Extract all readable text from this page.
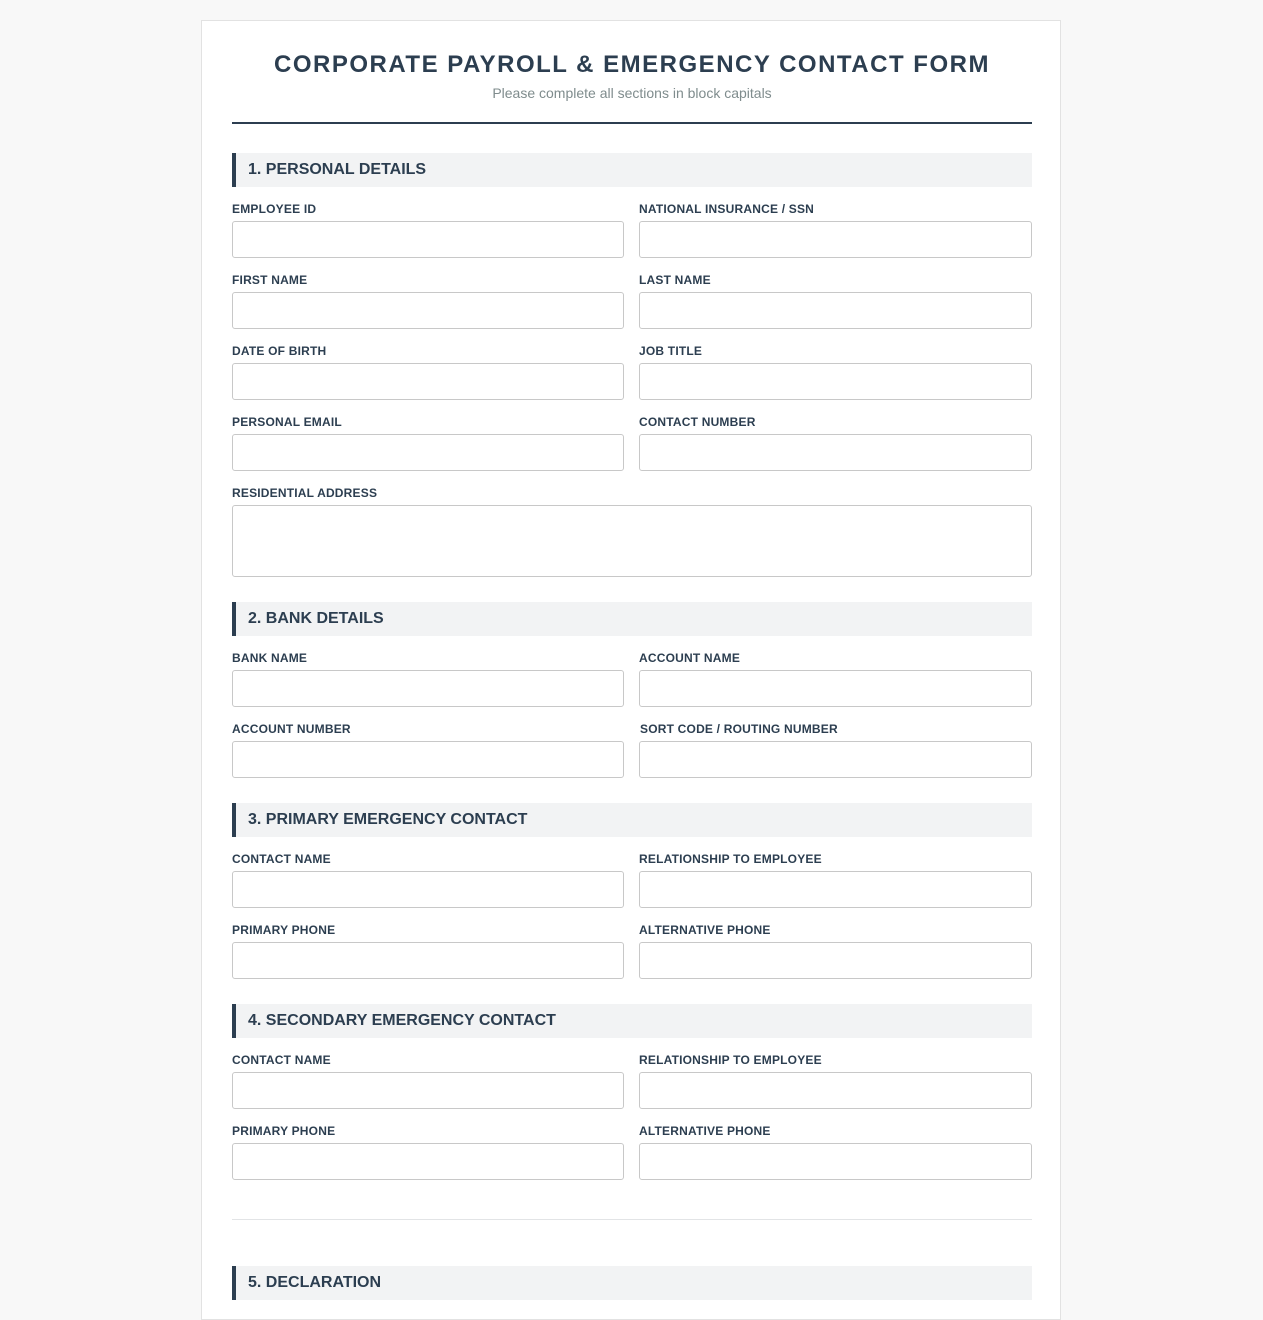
CORPORATE PAYROLL & EMERGENCY CONTACT FORM
Please complete all sections in block capitals
1. PERSONAL DETAILS
EMPLOYEE ID	NATIONAL INSURANCE / SSN
FIRST NAME	LAST NAME
DATE OF BIRTH	JOB TITLE
PERSONAL EMAIL	CONTACT NUMBER
RESIDENTIAL ADDRESS
2. BANK DETAILS
BANK NAME	ACCOUNT NAME
ACCOUNT NUMBER	SORT CODE / ROUTING NUMBER
3. PRIMARY EMERGENCY CONTACT
CONTACT NAME	RELATIONSHIP TO EMPLOYEE
PRIMARY PHONE	ALTERNATIVE PHONE
4. SECONDARY EMERGENCY CONTACT
CONTACT NAME	RELATIONSHIP TO EMPLOYEE
PRIMARY PHONE	ALTERNATIVE PHONE
5. DECLARATION
